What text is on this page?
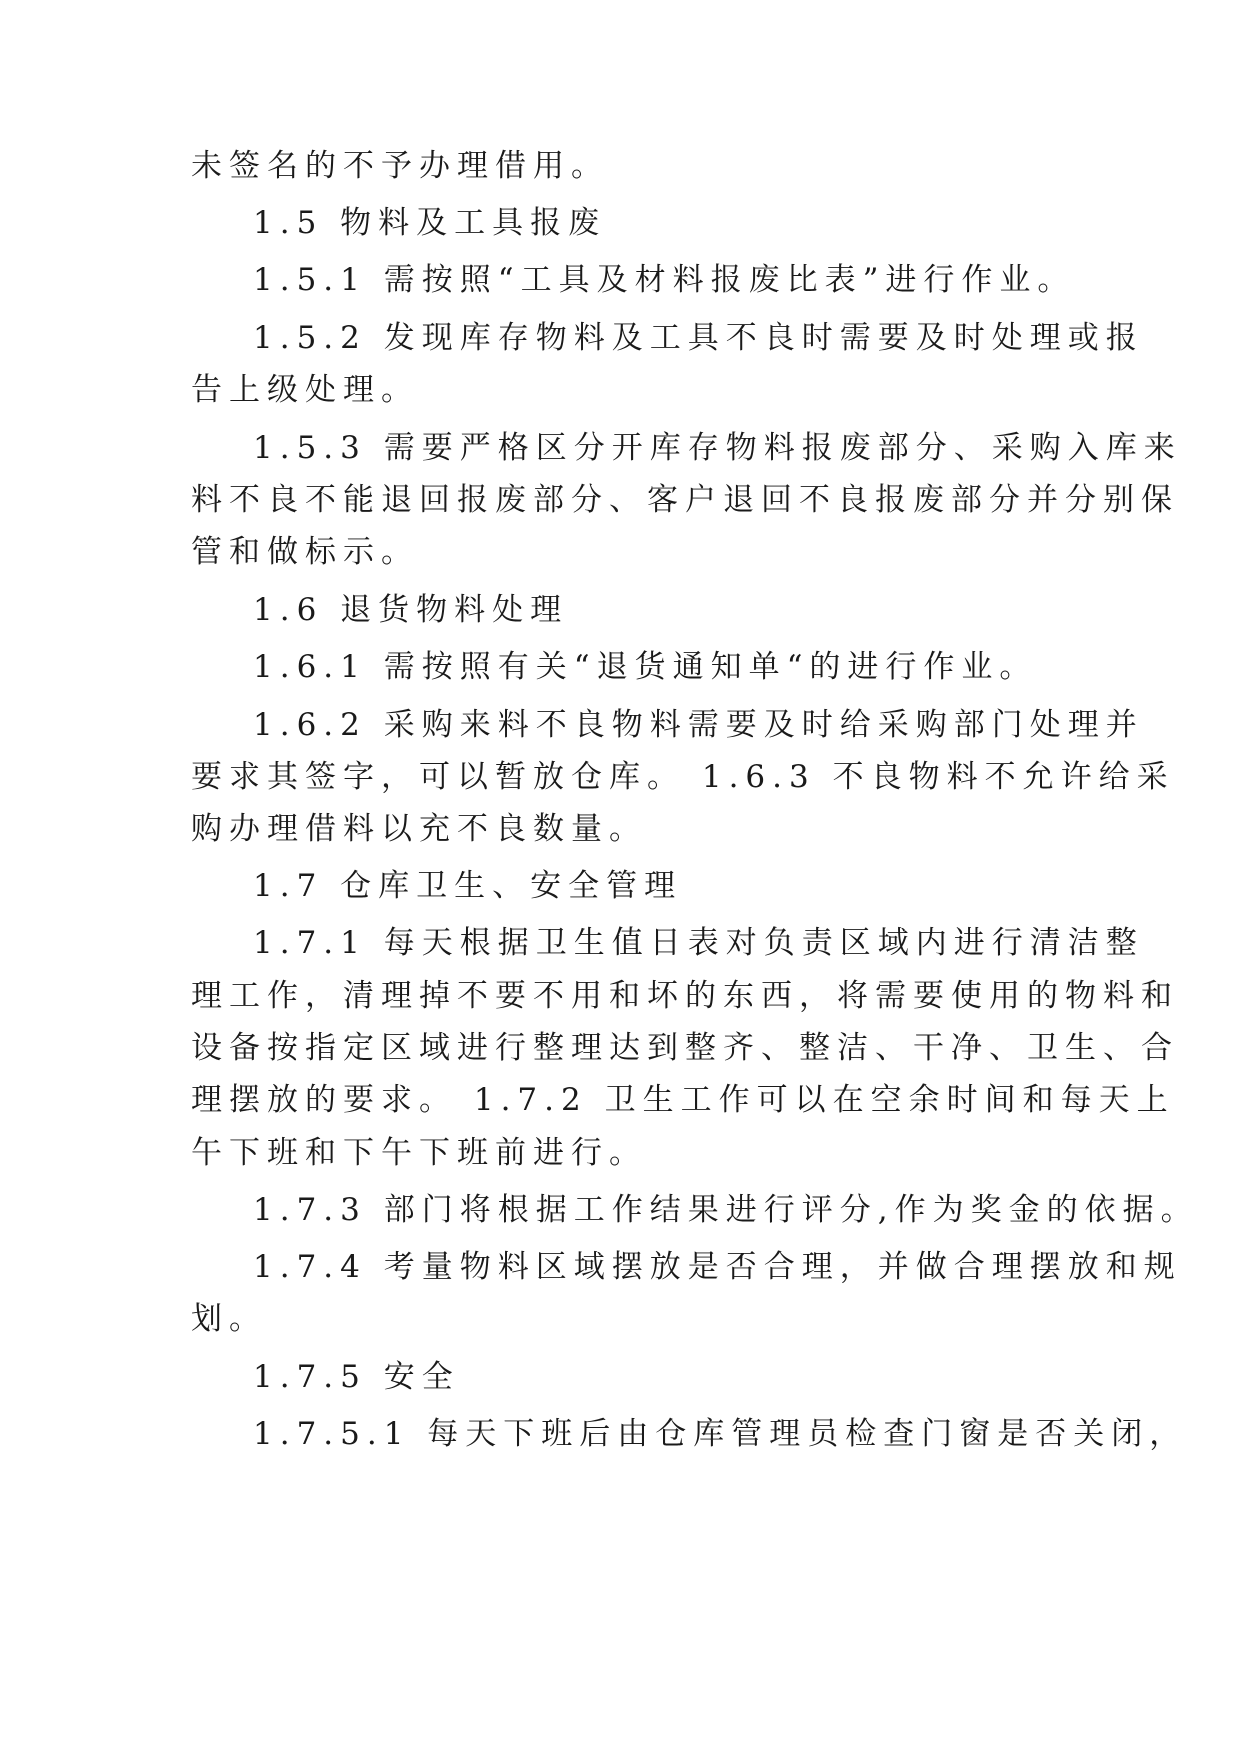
未签名的不予办理借用。
1.5 物料及工具报废
1.5.1 需按照“工具及材料报废比表”进行作业。
1.5.2 发现库存物料及工具不良时需要及时处理或报
告上级处理。
1.5.3 需要严格区分开库存物料报废部分、采购入库来
料不良不能退回报废部分、客户退回不良报废部分并分别保
管和做标示。
1.6 退货物料处理
1.6.1 需按照有关“退货通知单“的进行作业。
1.6.2 采购来料不良物料需要及时给采购部门处理并
要求其签字，可以暂放仓库。 1.6.3 不良物料不允许给采
购办理借料以充不良数量。
1.7 仓库卫生、安全管理
1.7.1 每天根据卫生值日表对负责区域内进行清洁整
理工作，清理掉不要不用和坏的东西，将需要使用的物料和
设备按指定区域进行整理达到整齐、整洁、干净、卫生、合
理摆放的要求。 1.7.2 卫生工作可以在空余时间和每天上
午下班和下午下班前进行。
1.7.3 部门将根据工作结果进行评分,作为奖金的依据。
1.7.4 考量物料区域摆放是否合理，并做合理摆放和规
划。
1.7.5 安全
1.7.5.1 每天下班后由仓库管理员检查门窗是否关闭，
